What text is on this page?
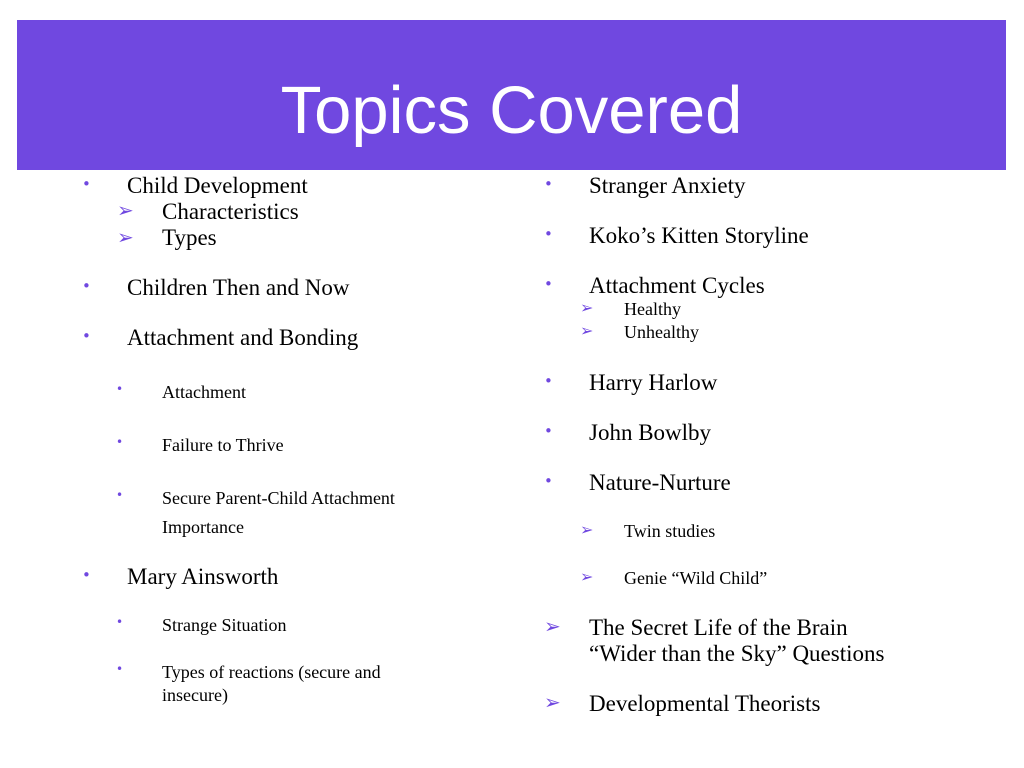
Topics Covered
• Child Development
➢ Characteristics
➢ Types
• Children Then and Now
• Attachment and Bonding
• Attachment
• Failure to Thrive
• Secure Parent-Child Attachment
Importance
• Mary Ainsworth
• Strange Situation
• Types of reactions (secure and
insecure)
• Stranger Anxiety
• Koko’s Kitten Storyline
• Attachment Cycles
➢ Healthy
➢ Unhealthy
• Harry Harlow
• John Bowlby
• Nature-Nurture
➢ Twin studies
➢ Genie “Wild Child”
➢ The Secret Life of the Brain
“Wider than the Sky” Questions
➢ Developmental Theorists
